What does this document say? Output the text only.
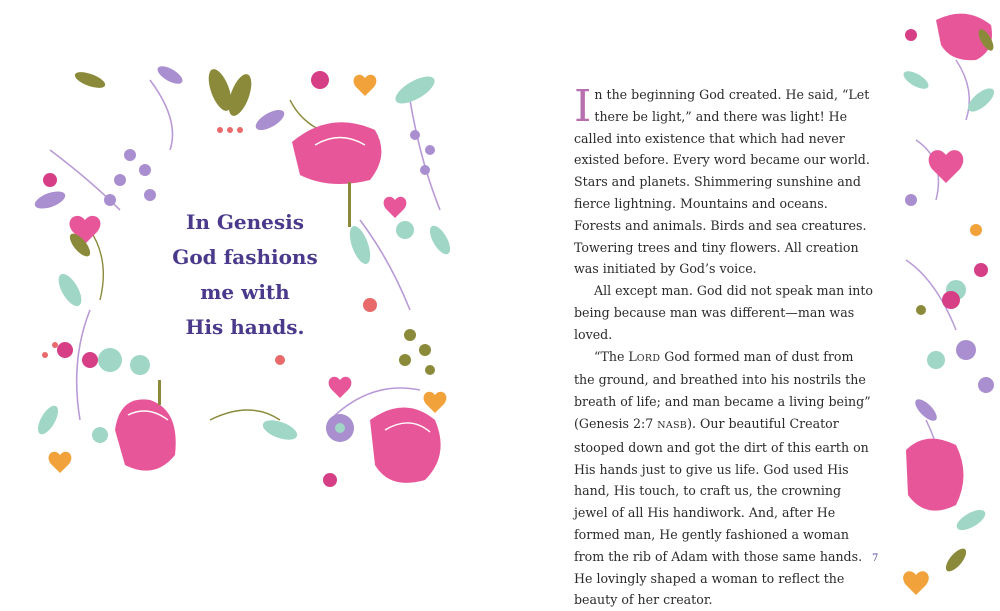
In Genesis
God fashions
me with
His hands.

In the beginning God created. He said, “Let there be light,” and there was light! He called into existence that which had never existed before. Every word became our world. Stars and planets. Shimmering sunshine and fierce lightning. Mountains and oceans. Forests and animals. Birds and sea creatures. Towering trees and tiny flowers. All creation was initiated by God’s voice.

All except man. God did not speak man into being because man was different—man was loved.

“The LORD God formed man of dust from the ground, and breathed into his nostrils the breath of life; and man became a living being” (Genesis 2:7 NASB). Our beautiful Creator stooped down and got the dirt of this earth on His hands just to give us life. God used His hand, His touch, to craft us, the crowning jewel of all His handiwork. And, after He formed man, He gently fashioned a woman from the rib of Adam with those same hands. He lovingly shaped a woman to reflect the beauty of her creator.

7
